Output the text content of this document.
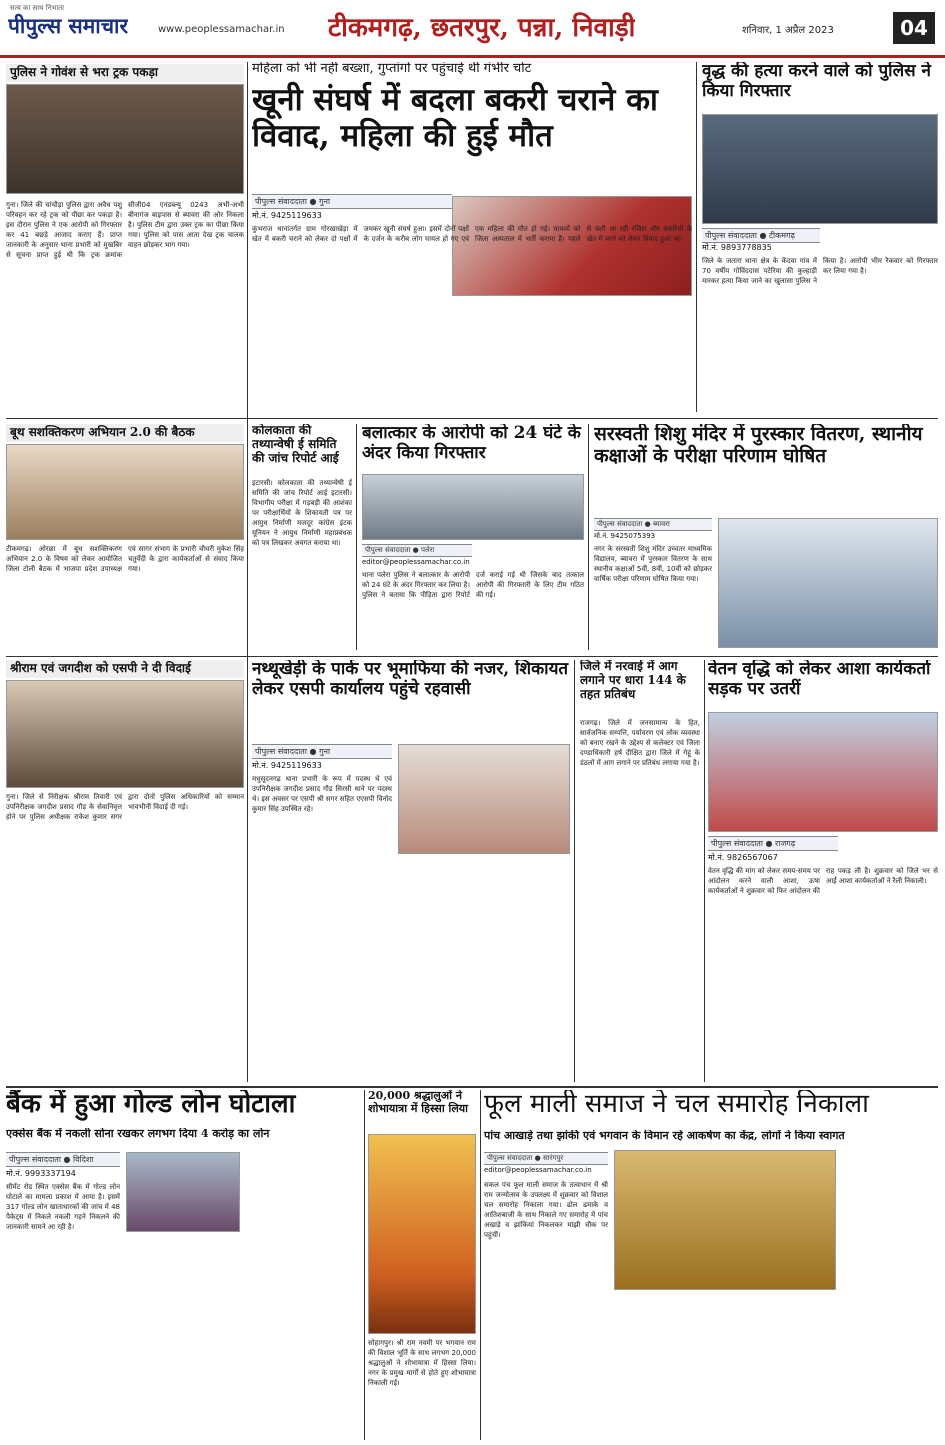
सत्य का साथ निभाता
पीपुल्स समाचार	www.peoplessamachar.in टीकमगढ़, छतरपुर, पन्ना, निवाड़ी	शनिवार, 1 अप्रैल 2023	04
पुलिस ने गोवंश से भरा ट्रक पकड़ा
गुना। जिले की चांचौड़ा पुलिस द्वारा अवैध पशु परिवहन कर रहे ट्रक को पीछा कर पकड़ा है। इस दौरान पुलिस ने एक आरोपी को गिरफ्तार कर 41 बछड़े आजाद कराए हैं। प्राप्त जानकारी के अनुसार थाना प्रभारी को मुखबिर से सूचना प्राप्त हुई थी कि ट्रक क्रमांक सीजी04 एनडब्ल्यू 0243 अभी-अभी बीनागंज बाइपास से ब्यावरा की ओर निकला है। पुलिस टीम द्वारा उक्त ट्रक का पीछा किया गया। पुलिस को पास आता देख ट्रक चालक वाहन छोड़कर भाग गया।
महिला को भी नहीं बख्शा, गुप्तांगों पर पहुंचाई थी गंभीर चोट
खूनी संघर्ष में बदला बकरी चराने का विवाद, महिला की हुई मौत
पीपुल्स संवाददाता ● गुना
मो.नं. 9425119633
कुंभराज थानांतर्गत ग्राम गोरखाखेड़ा में खेत में बकरी चराने को लेकर दो पक्षों में जमकर खूनी संघर्ष हुआ। इसमें दोनों पक्षों के दर्जन के करीब लोग घायल हो गए एवं एक महिला की मौत हो गई। घायलों को जिला अस्पताल में भर्ती कराया है। पहले से चली आ रही रंजिश और बकरियों के खेत में चरने को लेकर विवाद हुआ था।
वृद्ध की हत्या करने वाले को पुलिस ने किया गिरफ्तार
पीपुल्स संवाददाता ● टीकमगढ़
मो.नं. 9893778835
जिले के जतारा थाना क्षेत्र के केंदवा गांव में 70 वर्षीय गोविंददास पटेरिया की कुल्हाड़ी मारकर हत्या किया जाने का खुलासा पुलिस ने किया है। आरोपी भीम रैकवार को गिरफ्तार कर लिया गया है।
बूथ सशक्तिकरण अभियान 2.0 की बैठक
टीकमगढ़। ओरछा में बूथ सशक्तिकरण अभियान 2.0 के विषय को लेकर आयोजित जिला टोली बैठक में भाजपा प्रदेश उपाध्यक्ष एवं सागर संभाग के प्रभारी चौधरी मुकेश सिंह चतुर्वेदी के द्वारा कार्यकर्ताओं से संवाद किया गया।
कोलकाता की तथ्यान्वेषी ई समिति की जांच रिपोर्ट आई
इटारसी। कोलकाता की तथ्यान्वेषी ई समिति की जांच रिपोर्ट आई इटारसी। विभागीय परीक्षा में गड़बड़ी की आशंका पर परीक्षार्थियों के शिकायती पत्र पर आयुध निर्माणी मजदूर कांग्रेस इंटक यूनियन ने आयुध निर्माणी महाप्रबंधक को पत्र लिखकर अवगत कराया था।
बलात्कार के आरोपी को 24 घंटे के अंदर किया गिरफ्तार
पीपुल्स संवाददाता ● पलेरा
editor@peoplessamachar.co.in
थाना पलेरा पुलिस ने बलात्कार के आरोपी को 24 घंटे के अंदर गिरफ्तार कर लिया है। पुलिस ने बताया कि पीड़िता द्वारा रिपोर्ट दर्ज कराई गई थी जिसके बाद तत्काल आरोपी की गिरफ्तारी के लिए टीम गठित की गई।
सरस्वती शिशु मंदिर में पुरस्कार वितरण, स्थानीय कक्षाओं के परीक्षा परिणाम घोषित
पीपुल्स संवाददाता ● ब्यावरा
मो.नं. 9425075393
नगर के सरस्वती शिशु मंदिर उच्चतर माध्यमिक विद्यालय, ब्यावरा में पुरस्कार वितरण के साथ स्थानीय कक्षाओं 5वीं, 8वीं, 10वीं को छोड़कर वार्षिक परीक्षा परिणाम घोषित किया गया।
श्रीराम एवं जगदीश को एसपी ने दी विदाई
गुना। जिले से निरीक्षक श्रीराम तिवारी एवं उपनिरीक्षक जगदीश प्रसाद गौड़ के सेवानिवृत्त होने पर पुलिस अधीक्षक राकेश कुमार सगर द्वारा दोनों पुलिस अधिकारियों को सम्मान भावभीनी विदाई दी गई।
नथ्थूखेड़ी के पार्क पर भूमाफिया की नजर, शिकायत लेकर एसपी कार्यालय पहुंचे रहवासी
पीपुल्स संवाददाता ● गुना
मो.नं. 9425119633
मधुसूदनगढ़ थाना प्रभारी के रूप में पदस्थ थे एवं उपनिरीक्षक जगदीश प्रसाद गौड़ सिरसी थाने पर पदस्थ थे। इस अवसर पर एसपी श्री सगर सहित एएसपी विनोद कुमार सिंह उपस्थित रहे।
जिले में नरवाई में आग लगाने पर धारा 144 के तहत प्रतिबंध
राजगढ़। जिले में जनसामान्य के हित, सार्वजनिक सम्पत्ति, पर्यावरण एवं लोक व्यवस्था को बनाए रखने के उद्देश्य से कलेक्टर एवं जिला दण्डाधिकारी हर्ष दीक्षित द्वारा जिले में गेहूं के डंठलों में आग लगाने पर प्रतिबंध लगाया गया है।
वेतन वृद्धि को लेकर आशा कार्यकर्ता सड़क पर उतरीं
पीपुल्स संवाददाता ● राजगढ़
मो.नं. 9826567067
वेतन वृद्धि की मांग को लेकर समय-समय पर आंदोलन करने वाली आशा, ऊषा कार्यकर्ताओं ने शुक्रवार को फिर आंदोलन की राह पकड़ ली है। शुक्रवार को जिले भर से आईं आशा कार्यकर्ताओं ने रैली निकाली।
बैंक में हुआ गोल्ड लोन घोटाला
एक्सेस बैंक में नकली सोना रखकर लगभग दिया 4 करोड़ का लोन
पीपुल्स संवाददाता ● विदिशा
मो.नं. 9993337194
सीमेंट रोड स्थित एक्सेस बैंक में गोल्ड लोन घोटाले का मामला प्रकाश में आया है। इसमें 317 गोल्ड लोन खाताधारकों की जांच में 48 पैकेट्स में निकले नकली गहने निकलने की जानकारी सामने आ रही है।
20,000 श्रद्धालुओं ने शोभायात्रा में हिस्सा लिया
सोहागपुर। श्री राम नवमी पर भगवान राम की विशाल भूर्ति के साथ लगभग 20,000 श्रद्धालुओं ने शोभायात्रा में हिस्सा लिया। नगर के प्रमुख मार्गों से होते हुए शोभायात्रा निकाली गई।
फूल माली समाज ने चल समारोह निकाला
पांच आखाड़े तथा झांकी एवं भगवान के विमान रहे आकर्षण का केंद्र, लोगों ने किया स्वागत
पीपुल्स संवाददाता ● सारंगपुर
editor@peoplessamachar.co.in
सकल पंच फूल माली समाज के तत्वाधान में श्री राम जन्मोत्सव के उपलक्ष्य में शुक्रवार को विशाल चल समारोह निकाला गया। ढोल ढमाके व आतिशबाजी के साथ निकाले गए समारोह में पांच अखाड़े व झांकियां निकलकर मांझी चौक पर पहुंचीं।
